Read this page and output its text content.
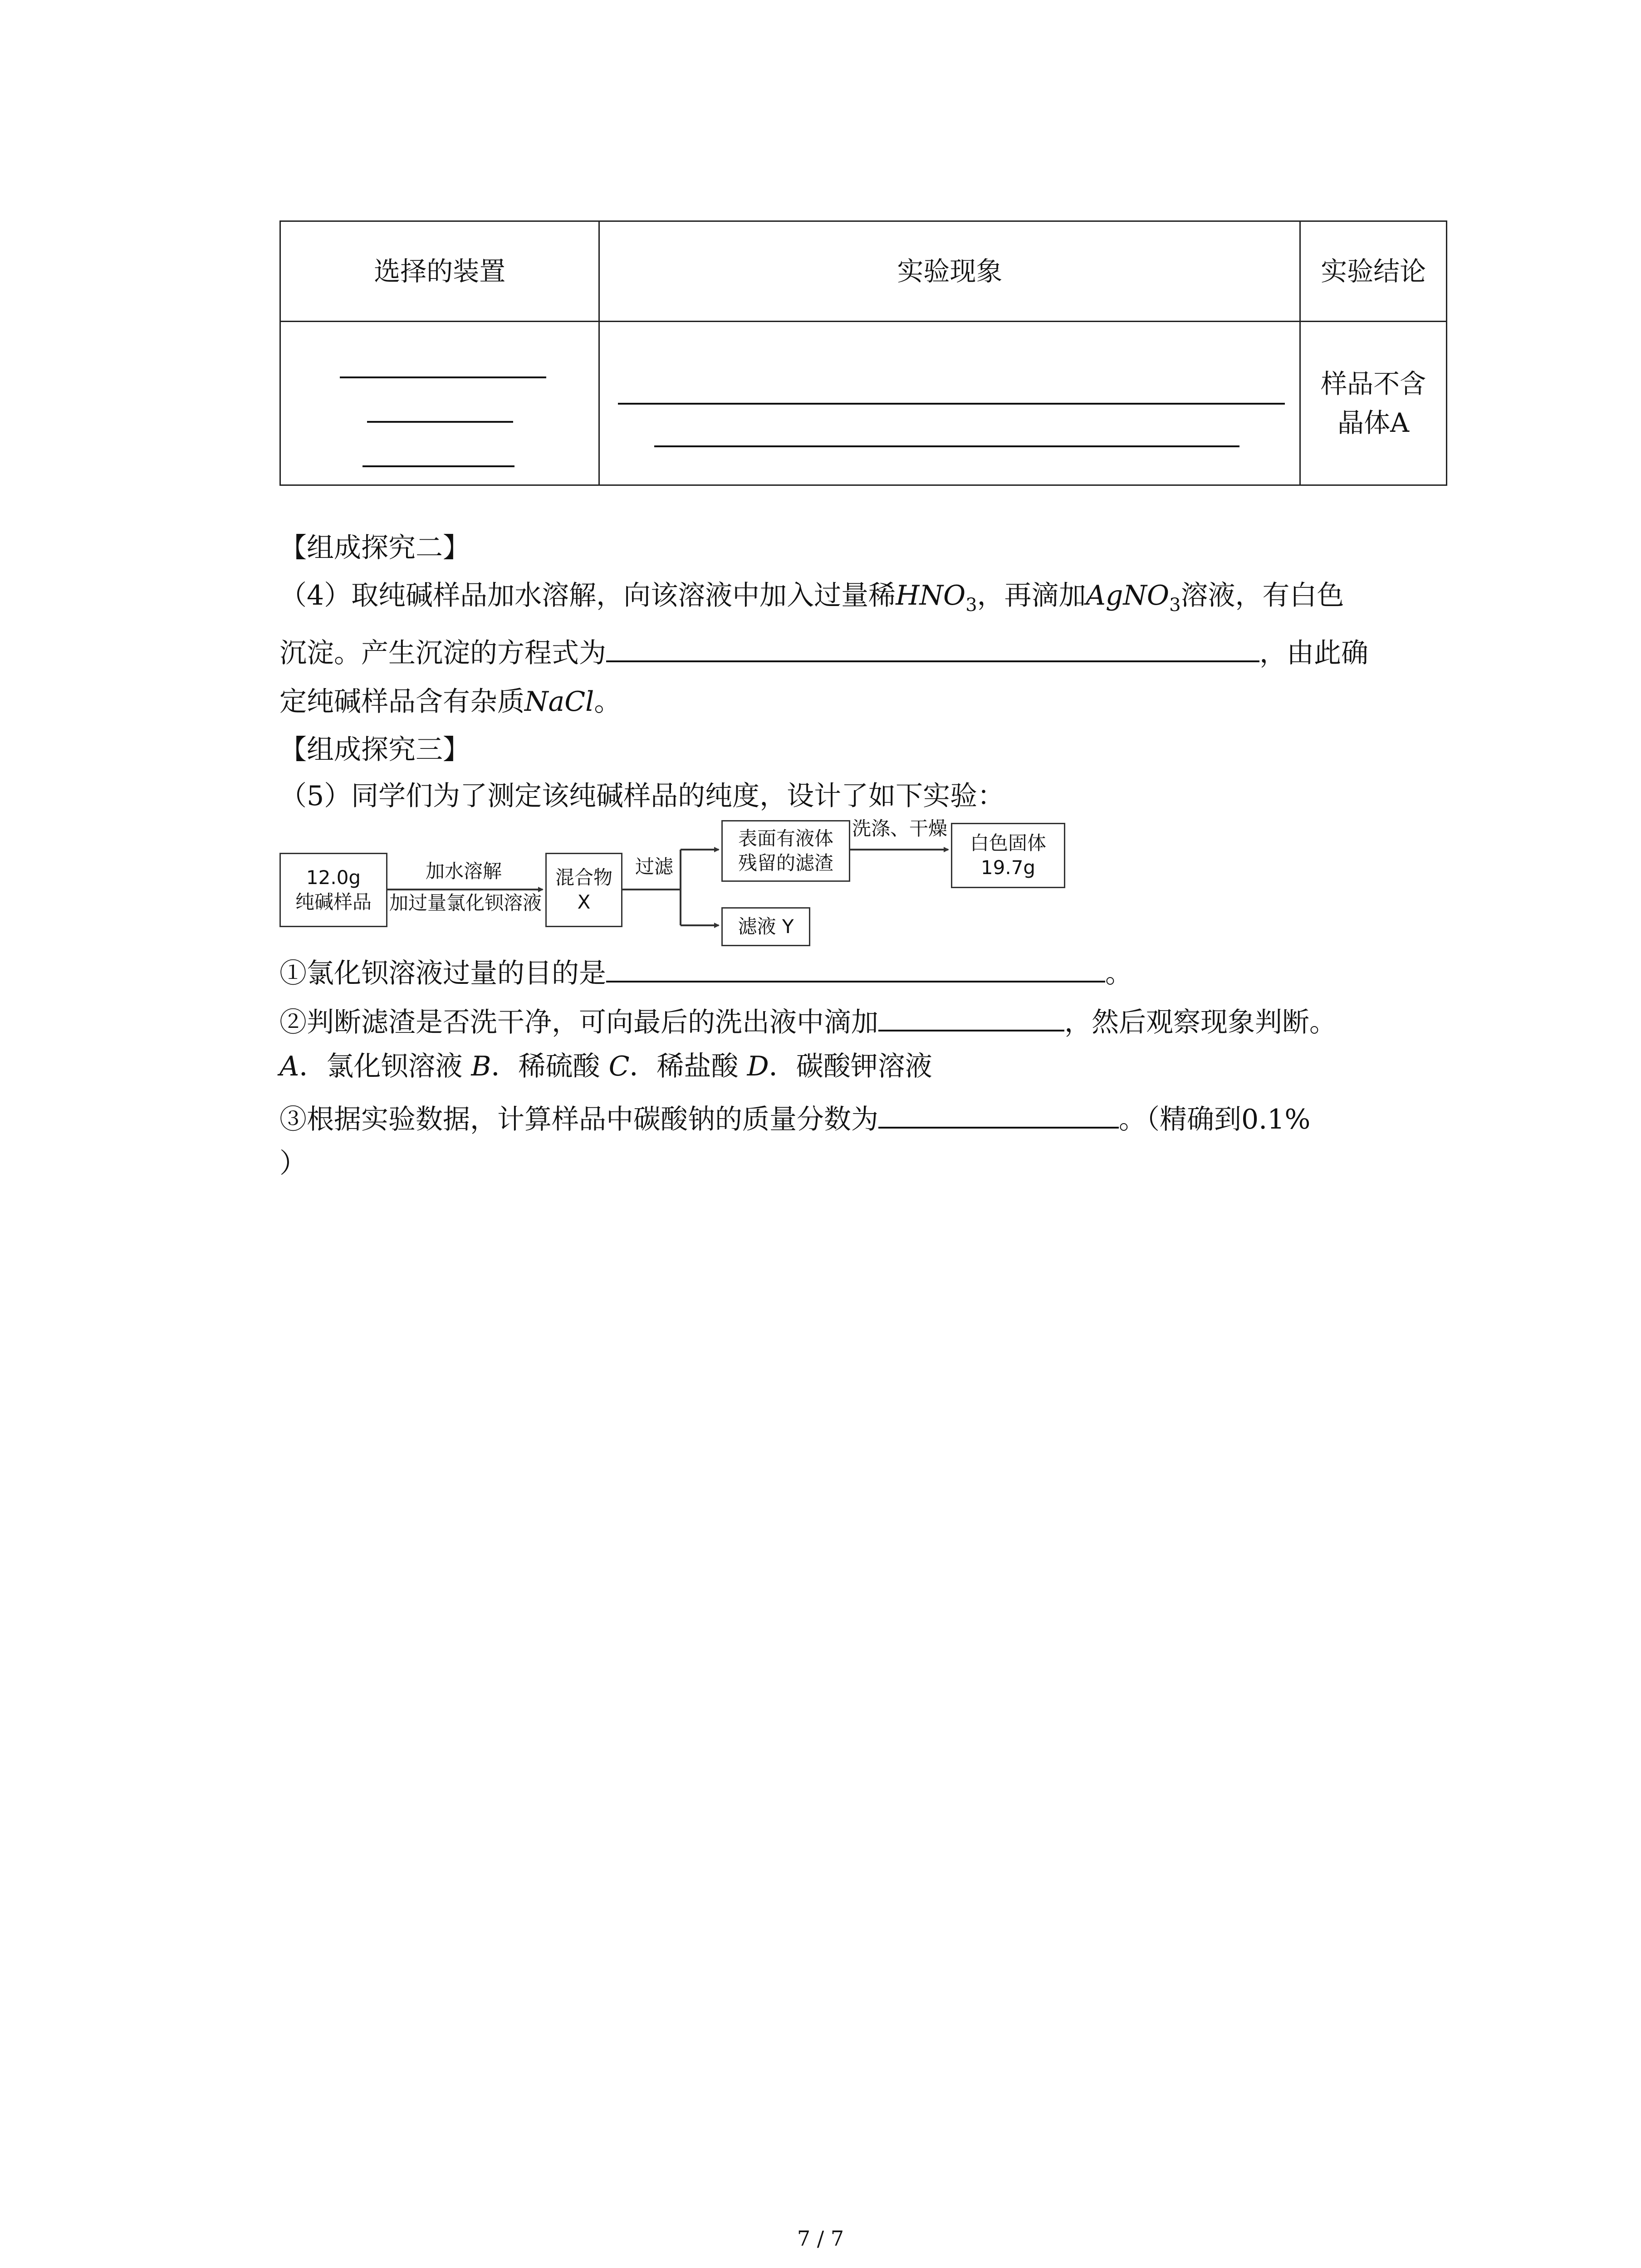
选择的装置	实验现象	实验结论

		样品不含晶体A
【组成探究二】
（4）取纯碱样品加水溶解，向该溶液中加入过量稀$HNO_3$，再滴加AgNO$_3$溶液，有白色
沉淀。产生沉淀的方程式为	，由此确
定纯碱样品含有杂质NaCl。
【组成探究三】
（5）同学们为了测定该纯碱样品的纯度，设计了如下实验：
12.0g
纯碱样品
加水溶解
加过量氯化钡溶液
混合物
X
过滤
表面有液体
残留的滤渣
洗涤、干燥
白色固体
19.7g
滤液 Y
①氯化钡溶液过量的目的是	。
②判断滤渣是否洗干净，可向最后的洗出液中滴加	，然后观察现象判断。
A．氯化钡溶液 B．稀硫酸 C．稀盐酸 D．碳酸钾溶液
③根据实验数据，计算样品中碳酸钠的质量分数为	。（精确到0.1%
）
7 / 7
